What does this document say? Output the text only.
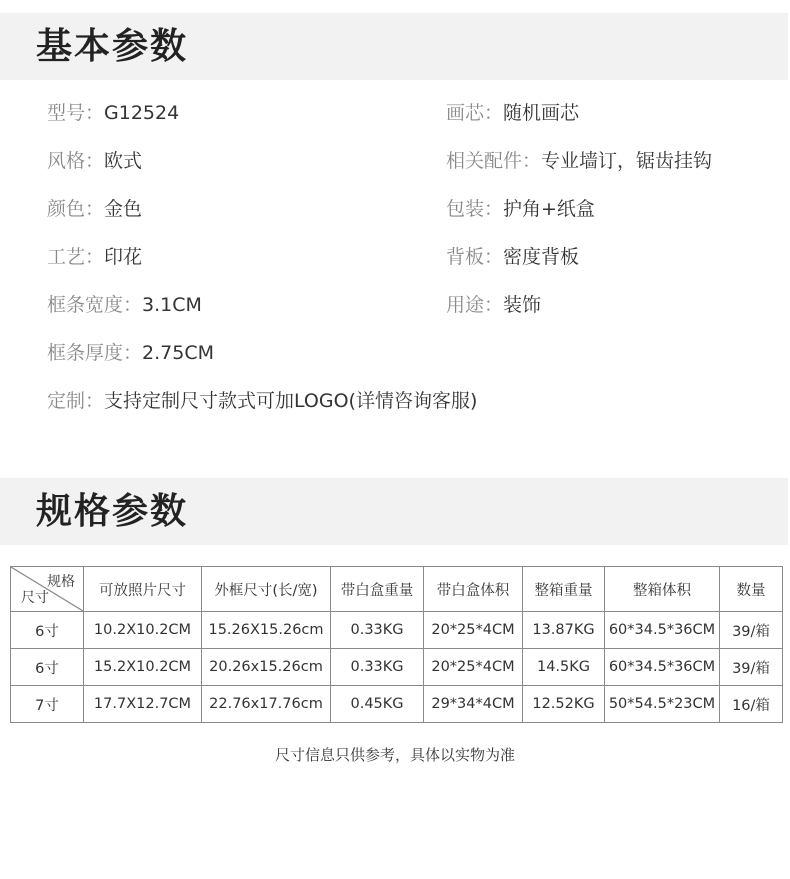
基本参数
型号：G12524
风格：欧式
颜色：金色
工艺：印花
框条宽度：3.1CM
框条厚度：2.75CM
定制：支持定制尺寸款式可加LOGO(详情咨询客服)
画芯：随机画芯
相关配件：专业墙订，锯齿挂钩
包装：护角+纸盒
背板：密度背板
用途：装饰
规格参数
规格
尺寸	可放照片尺寸	外框尺寸(长/宽)	带白盒重量	带白盒体积	整箱重量	整箱体积	数量
6寸	10.2X10.2CM	15.26X15.26cm	0.33KG	20*25*4CM	13.87KG	60*34.5*36CM	39/箱
6寸	15.2X10.2CM	20.26x15.26cm	0.33KG	20*25*4CM	14.5KG	60*34.5*36CM	39/箱
7寸	17.7X12.7CM	22.76x17.76cm	0.45KG	29*34*4CM	12.52KG	50*54.5*23CM	16/箱
尺寸信息只供参考，具体以实物为准
